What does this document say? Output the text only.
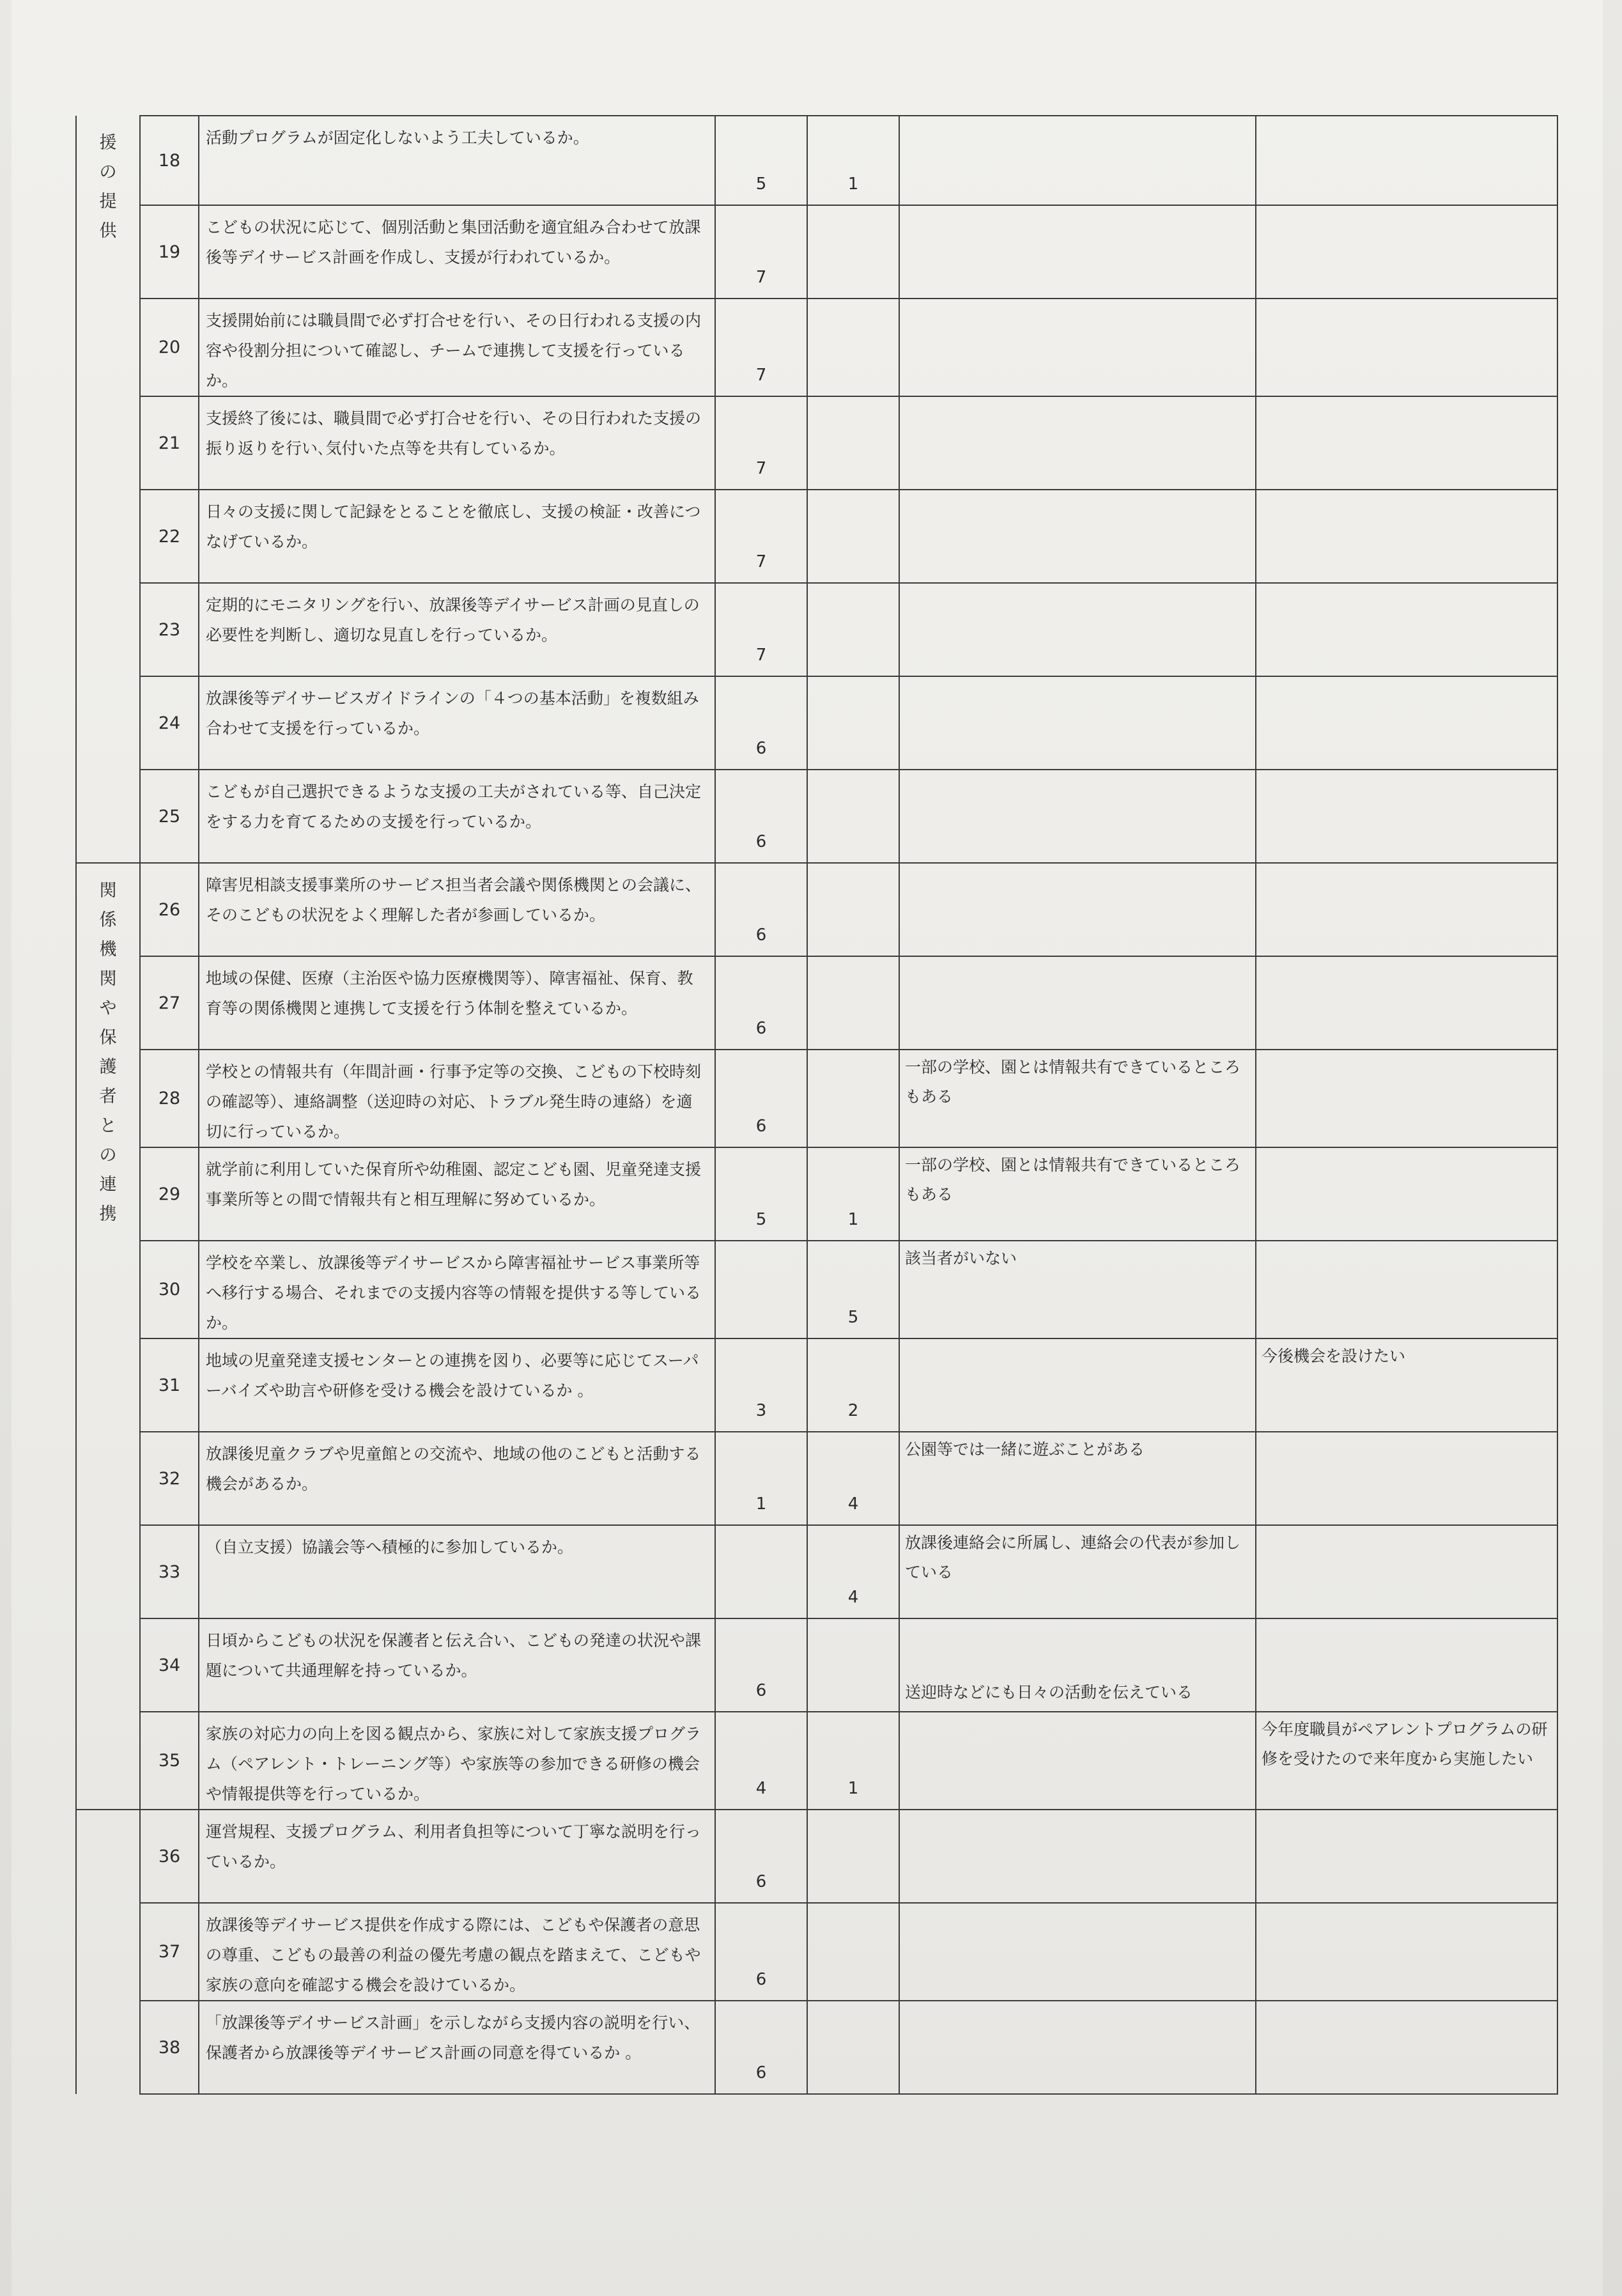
援の提供	18	活動プログラムが固定化しないよう工夫しているか。	5	1		
	19	こどもの状況に応じて、個別活動と集団活動を適宜組み合わせて放課後等デイサービス計画を作成し、支援が行われているか。	7			
	20	支援開始前には職員間で必ず打合せを行い、その日行われる支援の内容や役割分担について確認し、チームで連携して支援を行っているか。	7			
	21	支援終了後には、職員間で必ず打合せを行い、その日行われた支援の振り返りを行い､気付いた点等を共有しているか。	7			
	22	日々の支援に関して記録をとることを徹底し、支援の検証・改善につなげているか。	7			
	23	定期的にモニタリングを行い、放課後等デイサービス計画の見直しの必要性を判断し、適切な見直しを行っているか。	7			
	24	放課後等デイサービスガイドラインの「４つの基本活動」を複数組み合わせて支援を行っているか。	6			
	25	こどもが自己選択できるような支援の工夫がされている等、自己決定をする力を育てるための支援を行っているか。	6			
関係機関や保護者との連携	26	障害児相談支援事業所のサービス担当者会議や関係機関との会議に、そのこどもの状況をよく理解した者が参画しているか。	6			
	27	地域の保健、医療（主治医や協力医療機関等）、障害福祉、保育、教育等の関係機関と連携して支援を行う体制を整えているか。	6			
	28	学校との情報共有（年間計画・行事予定等の交換、こどもの下校時刻の確認等）、連絡調整（送迎時の対応、トラブル発生時の連絡）を適切に行っているか。	6		一部の学校、園とは情報共有できているところもある	
	29	就学前に利用していた保育所や幼稚園、認定こども園、児童発達支援事業所等との間で情報共有と相互理解に努めているか。	5	1	一部の学校、園とは情報共有できているところもある	
	30	学校を卒業し、放課後等デイサービスから障害福祉サービス事業所等へ移行する場合、それまでの支援内容等の情報を提供する等しているか。		5	該当者がいない	
	31	地域の児童発達支援センターとの連携を図り、必要等に応じてスーパーバイズや助言や研修を受ける機会を設けているか 。	3	2		今後機会を設けたい
	32	放課後児童クラブや児童館との交流や、地域の他のこどもと活動する機会があるか。	1	4	公園等では一緒に遊ぶことがある	
	33	（自立支援）協議会等へ積極的に参加しているか。		4	放課後連絡会に所属し、連絡会の代表が参加している	
	34	日頃からこどもの状況を保護者と伝え合い、こどもの発達の状況や課題について共通理解を持っているか。	6		送迎時などにも日々の活動を伝えている	
	35	家族の対応力の向上を図る観点から、家族に対して家族支援プログラム（ペアレント・トレーニング等）や家族等の参加できる研修の機会や情報提供等を行っているか。	4	1		今年度職員がペアレントプログラムの研修を受けたので来年度から実施したい
	36	運営規程、支援プログラム、利用者負担等について丁寧な説明を行っているか。	6			
	37	放課後等デイサービス提供を作成する際には、こどもや保護者の意思の尊重、こどもの最善の利益の優先考慮の観点を踏まえて、こどもや家族の意向を確認する機会を設けているか。	6			
	38	「放課後等デイサービス計画」を示しながら支援内容の説明を行い、保護者から放課後等デイサービス計画の同意を得ているか 。	6			
